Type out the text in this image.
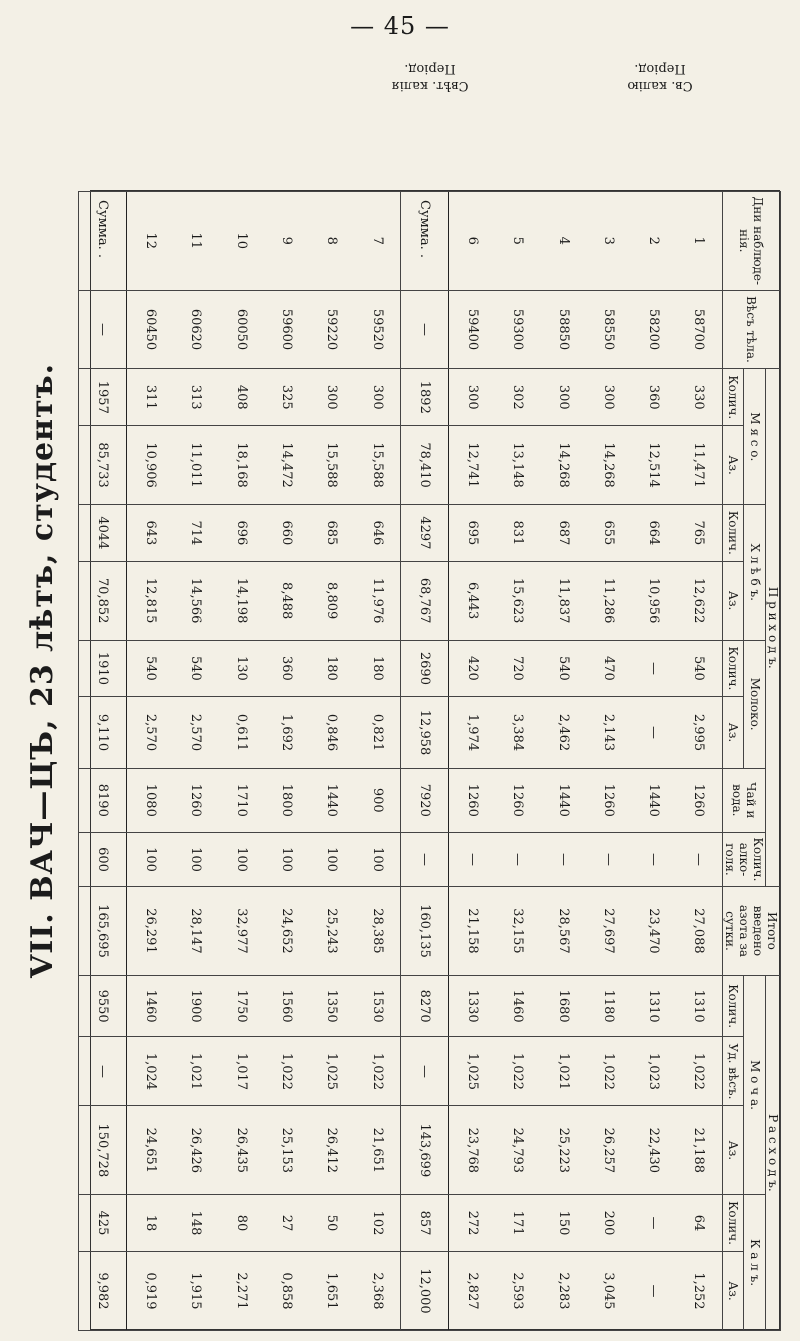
— 45 —
VII. ВАЧ—ЦЪ, 23 лѣтъ, студентъ.
Свѣт. калія
Період.
Св. калію
Період.
Дни наблюде-нія.	Вѣсъ тѣла.	П р и х о д ъ.								Итого введено азота за сутки.	Р а с х о д ъ.				
		М я с о.		Х л ѣ б ъ.		Молоко.		Чай и вода.	Колич. алко-голя.		М о ч а.			К а л ъ.	
		Колич.	Аз.	Колич.	Аз.	Колич.	Аз.				Колич.	Уд. вѣсъ.	Аз.	Колич.	Аз.
1	58700	330	11,471	765	12,622	540	2,995	1260	—	27,088	1310	1,022	21,188	64	1,252
2	58200	360	12,514	664	10,956	—	—	1440	—	23,470	1310	1,023	22,430	—	—
3	58550	300	14,268	655	11,286	470	2,143	1260	—	27,697	1180	1,022	26,257	200	3,045
4	58850	300	14,268	687	11,837	540	2,462	1440	—	28,567	1680	1,021	25,223	150	2,283
5	59300	302	13,148	831	15,623	720	3,384	1260	—	32,155	1460	1,022	24,793	171	2,593
6	59400	300	12,741	695	6,443	420	1,974	1260	—	21,158	1330	1,025	23,768	272	2,827
Сумма. .	—	1892	78,410	4297	68,767	2690	12,958	7920	—	160,135	8270	—	143,699	857	12,000
7	59520	300	15,588	646	11,976	180	0,821	900	100	28,385	1530	1,022	21,651	102	2,368
8	59220	300	15,588	685	8,809	180	0,846	1440	100	25,243	1350	1,025	26,412	50	1,651
9	59600	325	14,472	660	8,488	360	1,692	1800	100	24,652	1560	1,022	25,153	27	0,858
10	60050	408	18,168	696	14,198	130	0,611	1710	100	32,977	1750	1,017	26,435	80	2,271
11	60620	313	11,011	714	14,566	540	2,570	1260	100	28,147	1900	1,021	26,426	148	1,915
12	60450	311	10,906	643	12,815	540	2,570	1080	100	26,291	1460	1,024	24,651	18	0,919
Сумма. .	—	1957	85,733	4044	70,852	1910	9,110	8190	600	165,695	9550	—	150,728	425	9,982
